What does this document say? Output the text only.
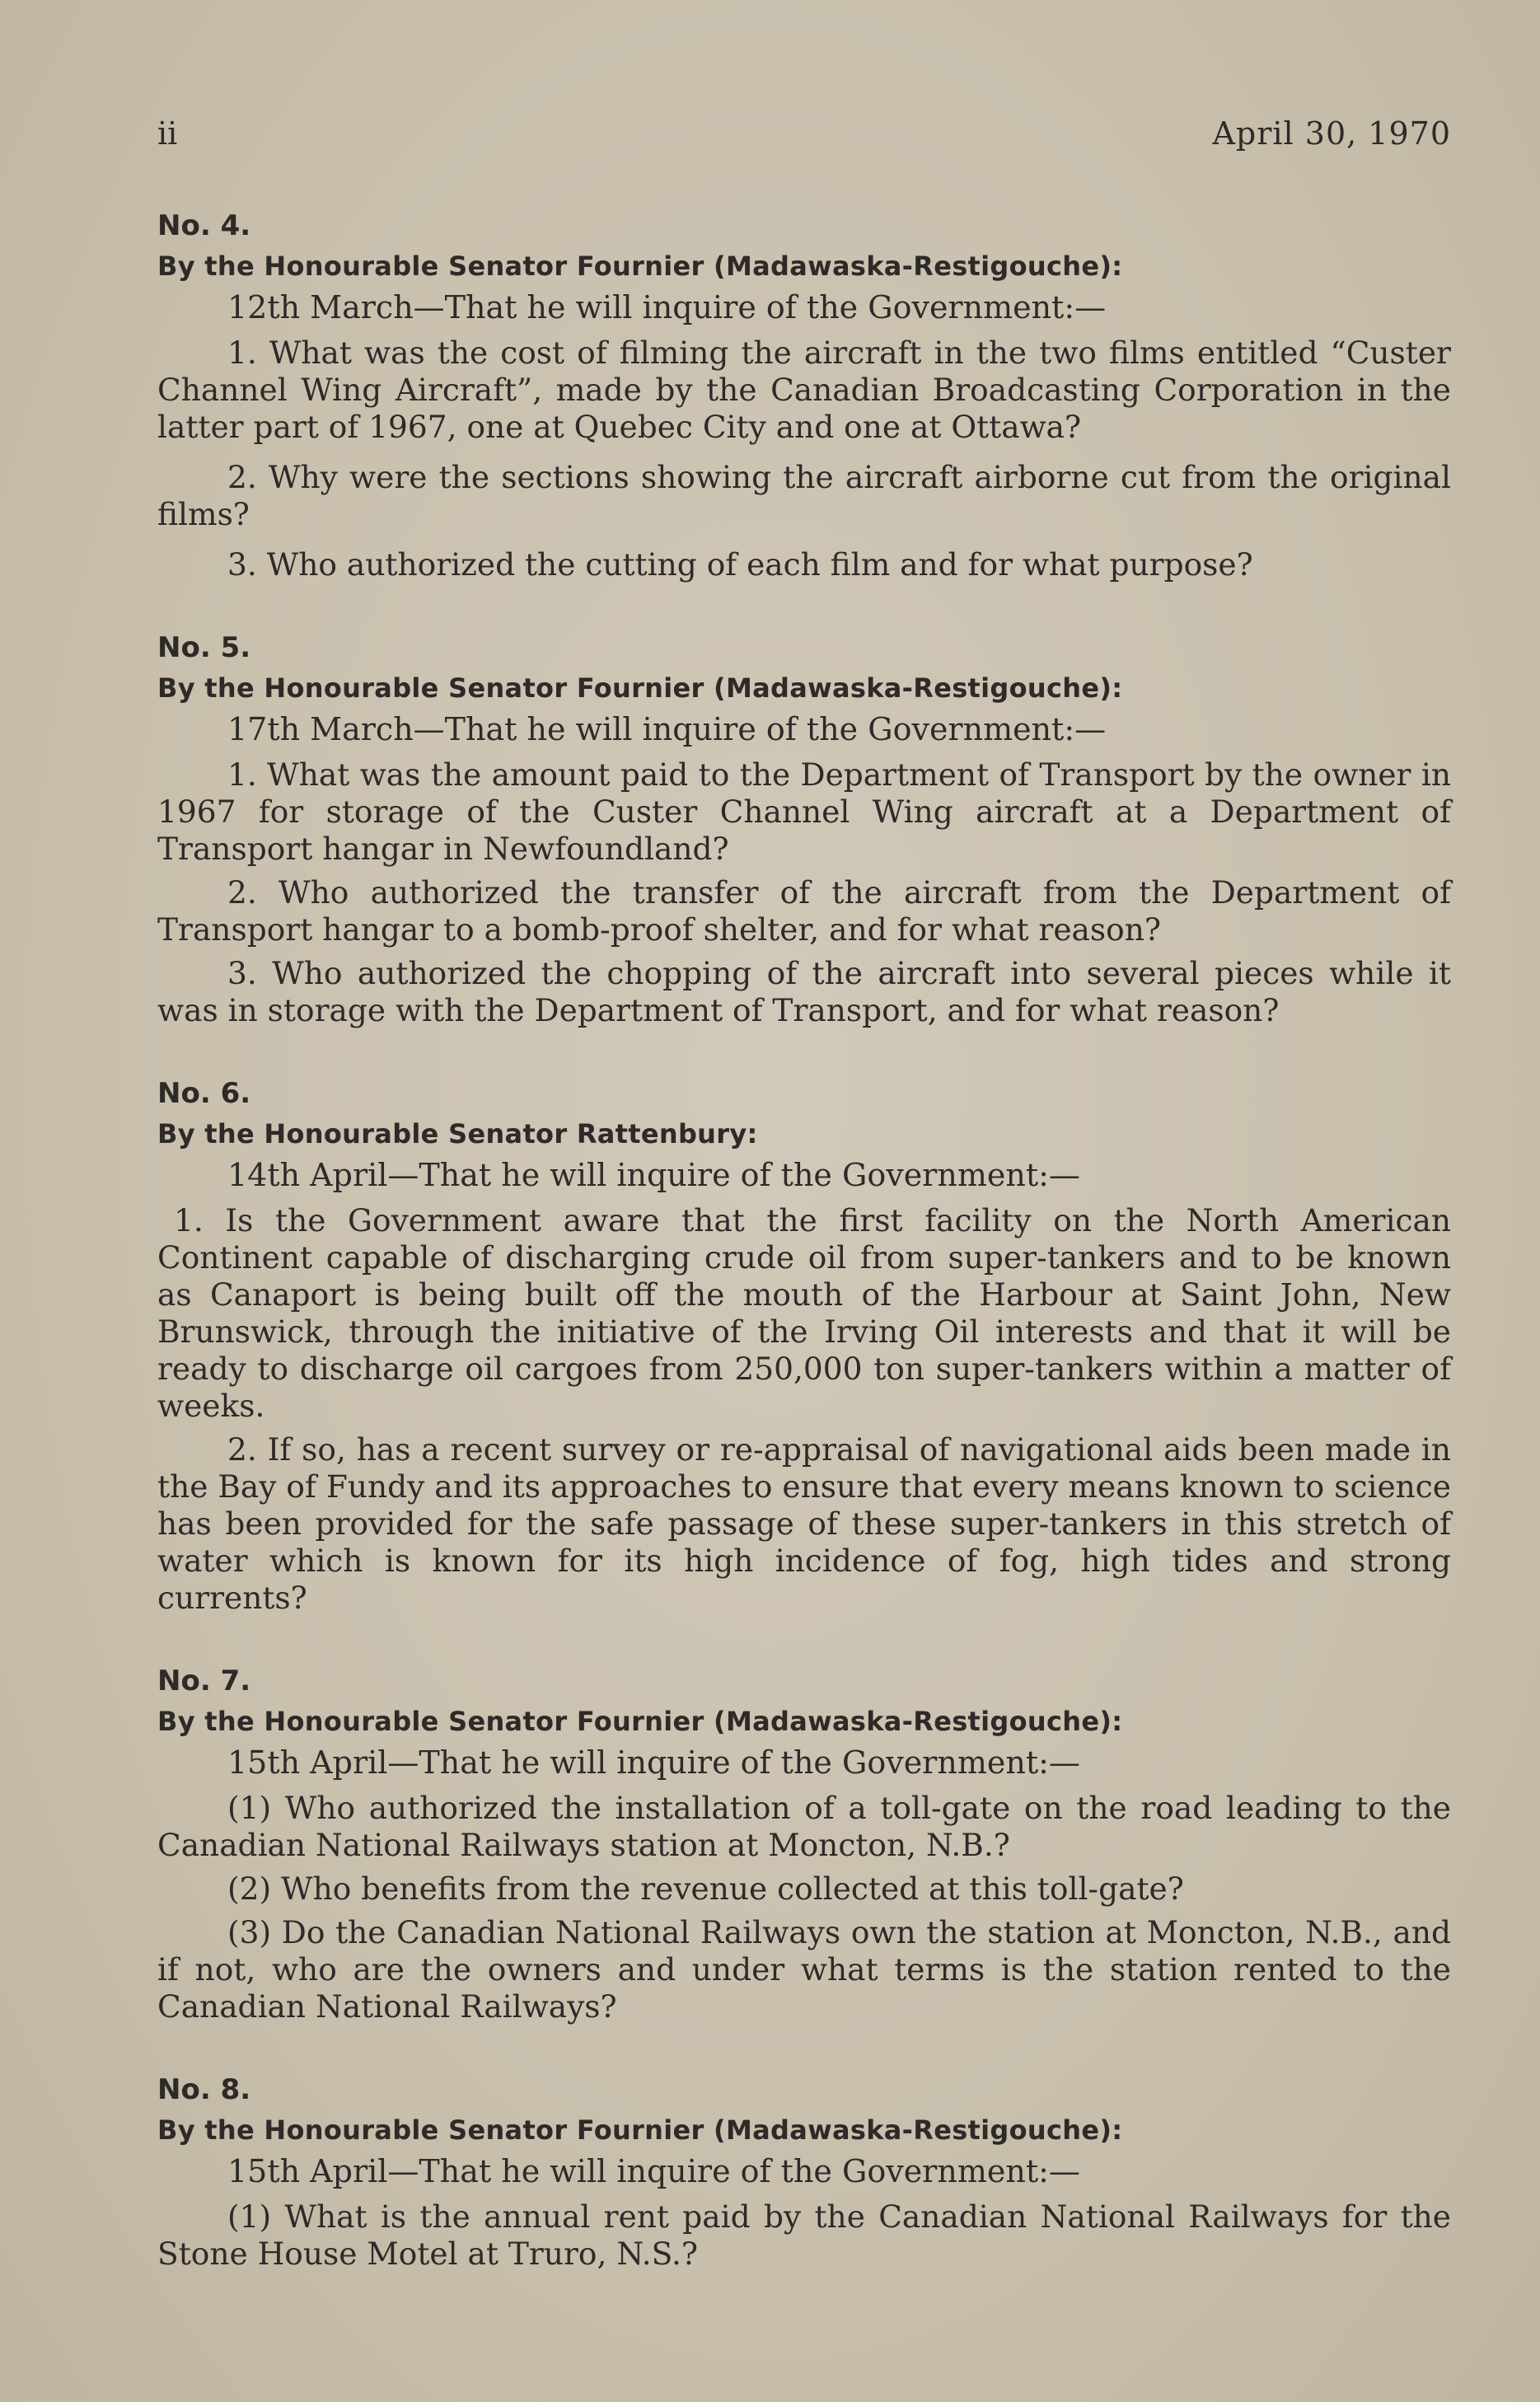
ii	April 30, 1970
No. 4.
By the Honourable Senator Fournier (Madawaska-Restigouche):
12th March—That he will inquire of the Government:—
1. What was the cost of filming the aircraft in the two films entitled “Custer Channel Wing Aircraft”, made by the Canadian Broadcasting Corporation in the latter part of 1967, one at Quebec City and one at Ottawa?
2. Why were the sections showing the aircraft airborne cut from the original films?
3. Who authorized the cutting of each film and for what purpose?
No. 5.
By the Honourable Senator Fournier (Madawaska-Restigouche):
17th March—That he will inquire of the Government:—
1. What was the amount paid to the Department of Transport by the owner in 1967 for storage of the Custer Channel Wing aircraft at a Department of Transport hangar in Newfoundland?
2. Who authorized the transfer of the aircraft from the Department of Transport hangar to a bomb-proof shelter, and for what reason?
3. Who authorized the chopping of the aircraft into several pieces while it was in storage with the Department of Transport, and for what reason?
No. 6.
By the Honourable Senator Rattenbury:
14th April—That he will inquire of the Government:—
1. Is the Government aware that the first facility on the North American Continent capable of discharging crude oil from super-tankers and to be known as Canaport is being built off the mouth of the Harbour at Saint John, New Brunswick, through the initiative of the Irving Oil interests and that it will be ready to discharge oil cargoes from 250,000 ton super-tankers within a matter of weeks.
2. If so, has a recent survey or re-appraisal of navigational aids been made in the Bay of Fundy and its approaches to ensure that every means known to science has been provided for the safe passage of these super-tankers in this stretch of water which is known for its high incidence of fog, high tides and strong currents?
No. 7.
By the Honourable Senator Fournier (Madawaska-Restigouche):
15th April—That he will inquire of the Government:—
(1) Who authorized the installation of a toll-gate on the road leading to the Canadian National Railways station at Moncton, N.B.?
(2) Who benefits from the revenue collected at this toll-gate?
(3) Do the Canadian National Railways own the station at Moncton, N.B., and if not, who are the owners and under what terms is the station rented to the Canadian National Railways?
No. 8.
By the Honourable Senator Fournier (Madawaska-Restigouche):
15th April—That he will inquire of the Government:—
(1) What is the annual rent paid by the Canadian National Railways for the Stone House Motel at Truro, N.S.?
